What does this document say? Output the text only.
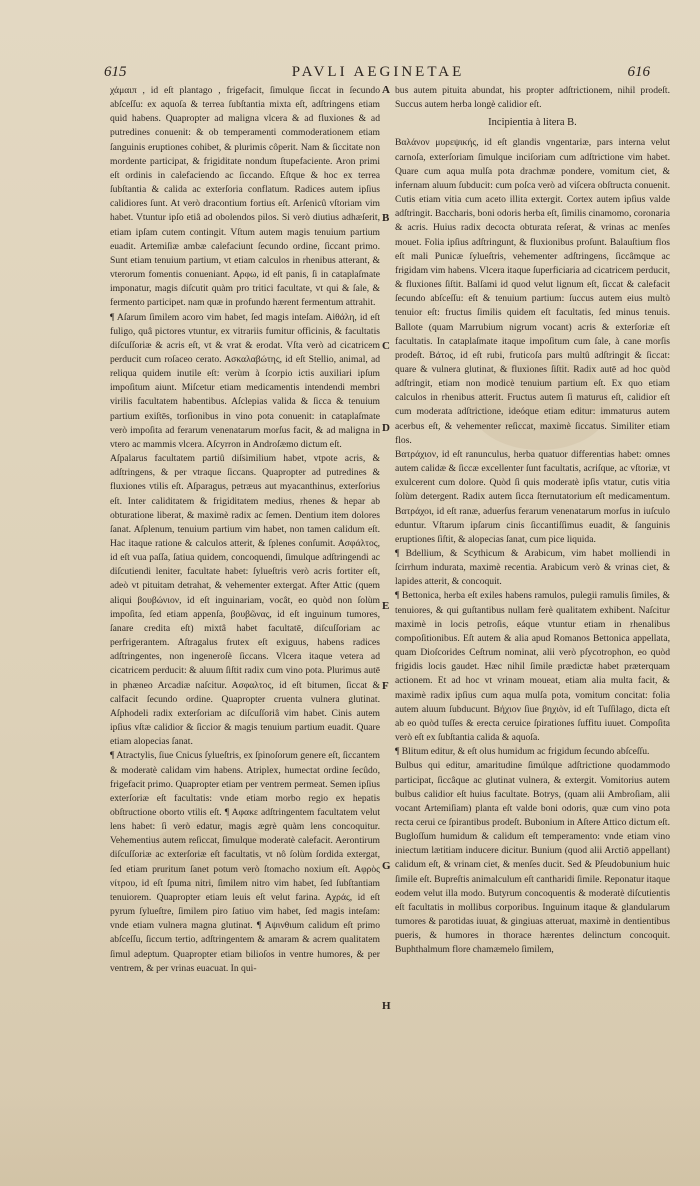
615	PAVLI AEGINETAE	616

χάμαιπ , id eſt plantago , frigefacit, ſimulque ſiccat in ſecundo abſceſſu: ex aquoſa & terrea ſubſtantia mixta eſt, adſtringens etiam quid habens. Quapropter ad maligna vlcera & ad fluxiones & ad putredines conuenit: & ob temperamenti commoderationem etiam ſanguinis eruptiones cohibet, & plurimis côperit. Nam & ſiccitate non mordente participat, & frigiditate nondum ſtupefaciente. Aron primi eſt ordinis in calefaciendo ac ſiccando. Eſtque & hoc ex terrea ſubſtantia & calida ac exterſoria conflatum. Radices autem ipſius calidiores ſunt. At verò dracontium fortius eſt. Arſenicû vſtoriam vim habet. Vtuntur ipſo etiâ ad obolendos pilos. Si verò diutius adhæſerit, etiam ipſam cutem contingit. Vſtum autem magis tenuium partium euadit. Artemiſiæ ambæ calefaciunt ſecundo ordine, ſiccant primo. Sunt etiam tenuium partium, vt etiam calculos in rhenibus atterant, & vterorum fomentis conueniant. Aρφω, id eſt panis, ſi in cataplaſmate imponatur, magis diſcutit quàm pro tritici facultate, vt qui & ſale, & fermento participet. nam quæ in profundo hærent fermentum attrahit.

¶ Aſarum ſimilem acoro vim habet, ſed magis inteſam. Aiθάλη, id eſt fuligo, quâ pictores vtuntur, ex vitrariis fumitur officinis, & facultatis diſcuſſoriæ & acris eſt, vt & vrat & erodat. Vſta verò ad cicatricem perducit cum roſaceo cerato. Aσκαλαβώτης, id eſt Stellio, animal, ad reliqua quidem inutile eſt: verùm à ſcorpio ictis auxiliari ipſum impoſitum aiunt. Miſcetur etiam medicamentis intendendi membri virilis facultatem habentibus. Aſclepias valida & ſicca & tenuium partium exiſtēs, torſionibus in vino pota conuenit: in cataplaſmate verò impoſita ad ferarum venenatarum morſus facit, & ad maligna in vtero ac mammis vlcera. Aſcyrron in Androſæmo dictum eſt.

Aſpalarus facultatem partiû diſsimilium habet, vtpote acris, & adſtringens, & per vtraque ſiccans. Quapropter ad putredines & fluxiones vtilis eſt. Aſparagus, petræus aut myacanthinus, exterſorius eſt. Inter caliditatem & frigiditatem medius, rhenes & hepar ab obturatione liberat, & maximè radix ac ſemen. Dentium item dolores ſanat. Aſplenum, tenuium partium vim habet, non tamen calidum eſt. Hac itaque ratione & calculos atterit, & ſplenes conſumit. Aσφάλτος, id eſt vua paſſa, ſatiua quidem, concoquendi, ſimulque adſtringendi ac diſcutiendi leniter, facultate habet: ſylueſtris verò acris fortiter eſt, adeò vt pituitam detrahat, & vehementer extergat. After Attic (quem aliqui βουβώνιον, id eſt inguinariam, vocât, eo quòd non ſolùm impoſita, ſed etiam appenſa, βουβῶνας, id eſt inguinum tumores, ſanare credita eſt) mixtâ habet facultatē, diſcuſſoriam ac perfrigerantem. Aſtragalus frutex eſt exiguus, habens radices adſtringentes, non ingeneroſè ſiccans. Vlcera itaque vetera ad cicatricem perducit: & aluum ſiſtit radix cum vino pota. Plurimus autē in phæneo Arcadiæ naſcitur. Aσφαλτος, id eſt bitumen, ſiccat & calfacit ſecundo ordine. Quapropter cruenta vulnera glutinat. Aſphodeli radix exterſoriam ac diſcuſſoriâ vim habet. Cinis autem ipſius vſtæ calidior & ſiccior & magis tenuium partium euadit. Quare etiam alopecias ſanat.

¶ Atractylis, ſiue Cnicus ſylueſtris, ex ſpinoſorum genere eſt, ſiccantem & moderatè calidam vim habens. Atriplex, humectat ordine ſecûdo, frigefacit primo. Quapropter etiam per ventrem permeat. Semen ipſius exterſoriæ eſt facultatis: vnde etiam morbo regio ex hepatis obſtructione oborto vtilis eſt. ¶ Aφακε adſtringentem facultatem velut lens habet: ſi verò edatur, magis ægrè quàm lens concoquitur. Vehementius autem reſiccat, ſimulque moderatè calefacit. Aerontirum diſcuſſoriæ ac exterſoriæ eſt facultatis, vt nô ſolùm ſordida extergat, ſed etiam pruritum ſanet potum verò ſtomacho noxium eſt. Aφρὸς νίτρου, id eſt ſpuma nitri, ſimilem nitro vim habet, ſed ſubſtantiam tenuiorem. Quapropter etiam leuis eſt velut farina. Aχράς, id eſt pyrum ſylueſtre, ſimilem piro ſatiuo vim habet, ſed magis inteſam: vnde etiam vulnera magna glutinat. ¶ Aψινθιum calidum eſt primo abſceſſu, ſiccum tertio, adſtringentem & amaram & acrem qualitatem ſimul adeptum. Quapropter etiam bilioſos in ventre humores, & per ventrem, & per vrinas euacuat. In qui-

A
B
C
D
E
F
G
H

bus autem pituita abundat, his propter adſtrictionem, nihil prodeſt. Succus autem herba longè calidior eſt.

Incipientia à litera B.

Bαλάνον μυρεψικής, id eſt glandis vngentariæ, pars interna velut carnoſa, exterſoriam ſimulque inciſoriam cum adſtrictione vim habet. Quare cum aqua mulſa pota drachmæ pondere, vomitum ciet, & infernam aluum ſubducit: cum poſca verò ad viſcera obſtructa conuenit. Cutis etiam vitia cum aceto illita extergit. Cortex autem ipſius valde adſtringit. Baccharis, boni odoris herba eſt, ſimilis cinamomo, coronaria & acris. Huius radix decocta obturata reſerat, & vrinas ac menſes mouet. Folia ipſius adſtringunt, & fluxionibus proſunt. Balauſtium flos eſt mali Punicæ ſylueſtris, vehementer adſtringens, ſiccâmque ac frigidam vim habens. Vlcera itaque ſuperficiaria ad cicatricem perducit, & fluxiones ſiſtit. Balſami id quod velut lignum eſt, ſiccat & calefacit ſecundo abſceſſu: eſt & tenuium partium: ſuccus autem eius multò tenuior eſt: fructus ſimilis quidem eſt facultatis, ſed minus tenuis. Ballote (quam Marrubium nigrum vocant) acris & exterſoriæ eſt facultatis. In cataplaſmate itaque impoſitum cum ſale, à cane morſis prodeſt. Bάτος, id eſt rubi, fruticoſa pars multû adſtringit & ſiccat: quare & vulnera glutinat, & fluxiones ſiſtit. Radix autē ad hoc quòd adſtringit, etiam non modicè tenuium partium eſt. Ex quo etiam calculos in rhenibus atterit. Fructus autem ſi maturus eſt, calidior eſt cum moderata adſtrictione, ideóque etiam editur: immaturus autem acerbus eſt, & vehementer reſiccat, maximè ſiccatus. Similiter etiam flos.

Bατράχιον, id eſt ranunculus, herba quatuor differentias habet: omnes autem calidæ & ſiccæ excellenter ſunt facultatis, acriſque, ac vſtoriæ, vt exulcerent cum dolore. Quòd ſi quis moderatè ipſis vtatur, cutis vitia ſolùm detergent. Radix autem ſicca ſternutatorium eſt medicamentum. Bατράχοι, id eſt ranæ, aduerſus ferarum venenatarum morſus in iuſculo eduntur. Vſtarum ipſarum cinis ſiccantiſſimus euadit, & ſanguinis eruptiones ſiſtit, & alopecias ſanat, cum pice liquida.

¶ Bdellium, & Scythicum & Arabicum, vim habet molliendi in ſcirrhum indurata, maximè recentia. Arabicum verò & vrinas ciet, & lapides atterit, & concoquit.

¶ Bettonica, herba eſt exiles habens ramulos, pulegii ramulis ſimiles, & tenuiores, & qui guſtantibus nullam ferè qualitatem exhibent. Naſcitur maximè in locis petroſis, eáque vtuntur etiam in rhenalibus compoſitionibus. Eſt autem & alia apud Romanos Bettonica appellata, quam Dioſcorides Ceſtrum nominat, alii verò pſycotrophon, eo quòd frigidis locis gaudet. Hæc nihil ſimile prædictæ habet præterquam actionem. Et ad hoc vt vrinam moueat, etiam alia multa facit, & maximè radix ipſius cum aqua mulſa pota, vomitum concitat: folia autem aluum ſubducunt. Bήχιον ſiue βηχιὸν, id eſt Tuſſilago, dicta eſt ab eo quòd tuſſes & erecta ceruice ſpirationes ſuffitu iuuet. Compoſita verò eſt ex ſubſtantia calida & aquoſa.

¶ Blitum editur, & eſt olus humidum ac frigidum ſecundo abſceſſu.

Bulbus qui editur, amaritudine ſimúlque adſtrictione quodammodo participat, ſiccâque ac glutinat vulnera, & extergit. Vomitorius autem bulbus calidior eſt huius facultate. Botrys, (quam alii Ambroſiam, alii vocant Artemiſiam) planta eſt valde boni odoris, quæ cum vino pota recta cerui ce ſpirantibus prodeſt. Bubonium in Aſtere Attico dictum eſt. Bugloſſum humidum & calidum eſt temperamento: vnde etiam vino iniectum lætitiam inducere dicitur. Bunium (quod alii Arctiō appellant) calidum eſt, & vrinam ciet, & menſes ducit. Sed & Pſeudobunium huic ſimile eſt. Bupreſtis animalculum eſt cantharidi ſimile. Reponatur itaque eodem velut illa modo. Butyrum concoquentis & moderatè diſcutientis eſt facultatis in mollibus corporibus. Inguinum itaque & glandularum tumores & parotidas iuuat, & gingiuas atteruat, maximè in dentientibus pueris, & humores in thorace hærentes delinctum concoquit. Buphthalmum flore chamæmelo ſimilem,
